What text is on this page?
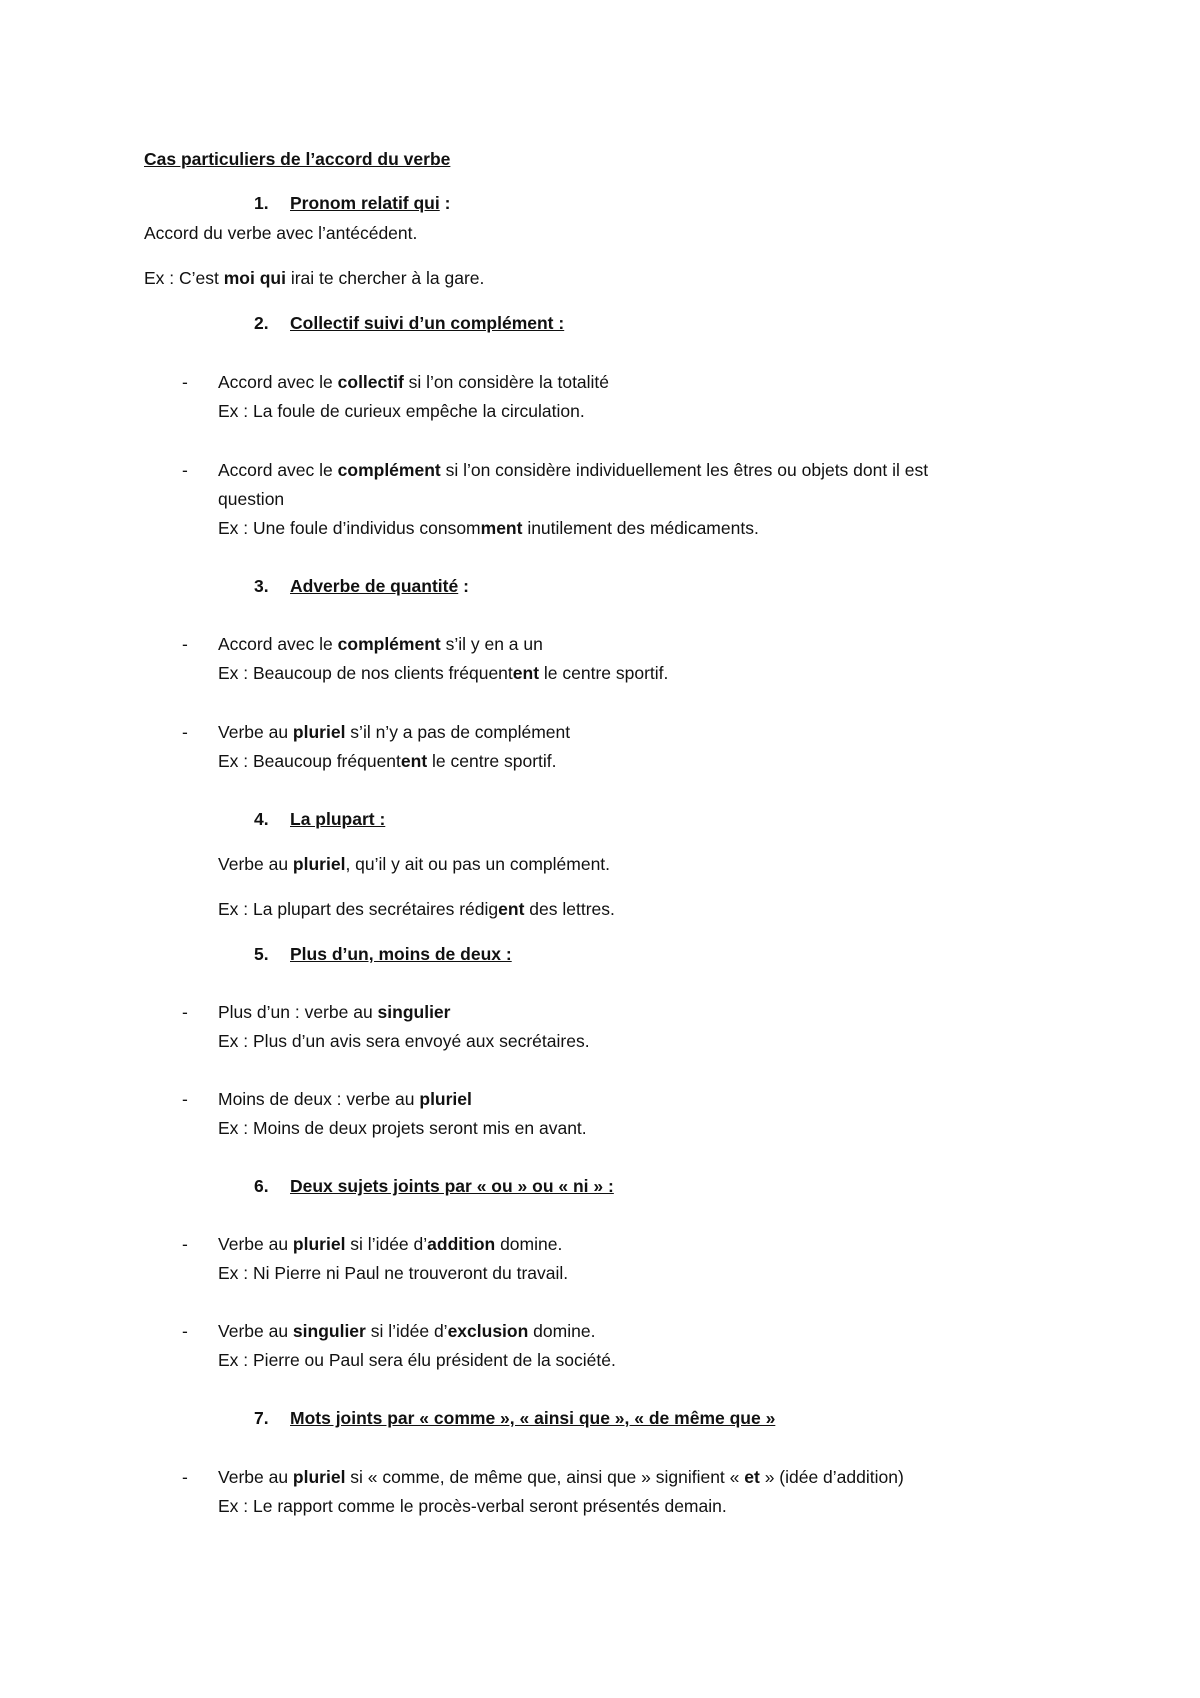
Cas particuliers de l’accord du verbe
1. Pronom relatif qui :
Accord du verbe avec l’antécédent.
Ex : C’est moi qui irai te chercher à la gare.
2. Collectif suivi d’un complément :
- Accord avec le collectif si l’on considère la totalité
Ex : La foule de curieux empêche la circulation.
- Accord avec le complément si l’on considère individuellement les êtres ou objets dont il est
question
Ex : Une foule d’individus consomment inutilement des médicaments.
3. Adverbe de quantité :
- Accord avec le complément s’il y en a un
Ex : Beaucoup de nos clients fréquentent le centre sportif.
- Verbe au pluriel s’il n’y a pas de complément
Ex : Beaucoup fréquentent le centre sportif.
4. La plupart :
Verbe au pluriel, qu’il y ait ou pas un complément.
Ex : La plupart des secrétaires rédigent des lettres.
5. Plus d’un, moins de deux :
- Plus d’un : verbe au singulier
Ex : Plus d’un avis sera envoyé aux secrétaires.
- Moins de deux : verbe au pluriel
Ex : Moins de deux projets seront mis en avant.
6. Deux sujets joints par « ou » ou « ni » :
- Verbe au pluriel si l’idée d’addition domine.
Ex : Ni Pierre ni Paul ne trouveront du travail.
- Verbe au singulier si l’idée d’exclusion domine.
Ex : Pierre ou Paul sera élu président de la société.
7. Mots joints par « comme », « ainsi que », « de même que »
- Verbe au pluriel si « comme, de même que, ainsi que » signifient « et » (idée d’addition)
Ex : Le rapport comme le procès-verbal seront présentés demain.
